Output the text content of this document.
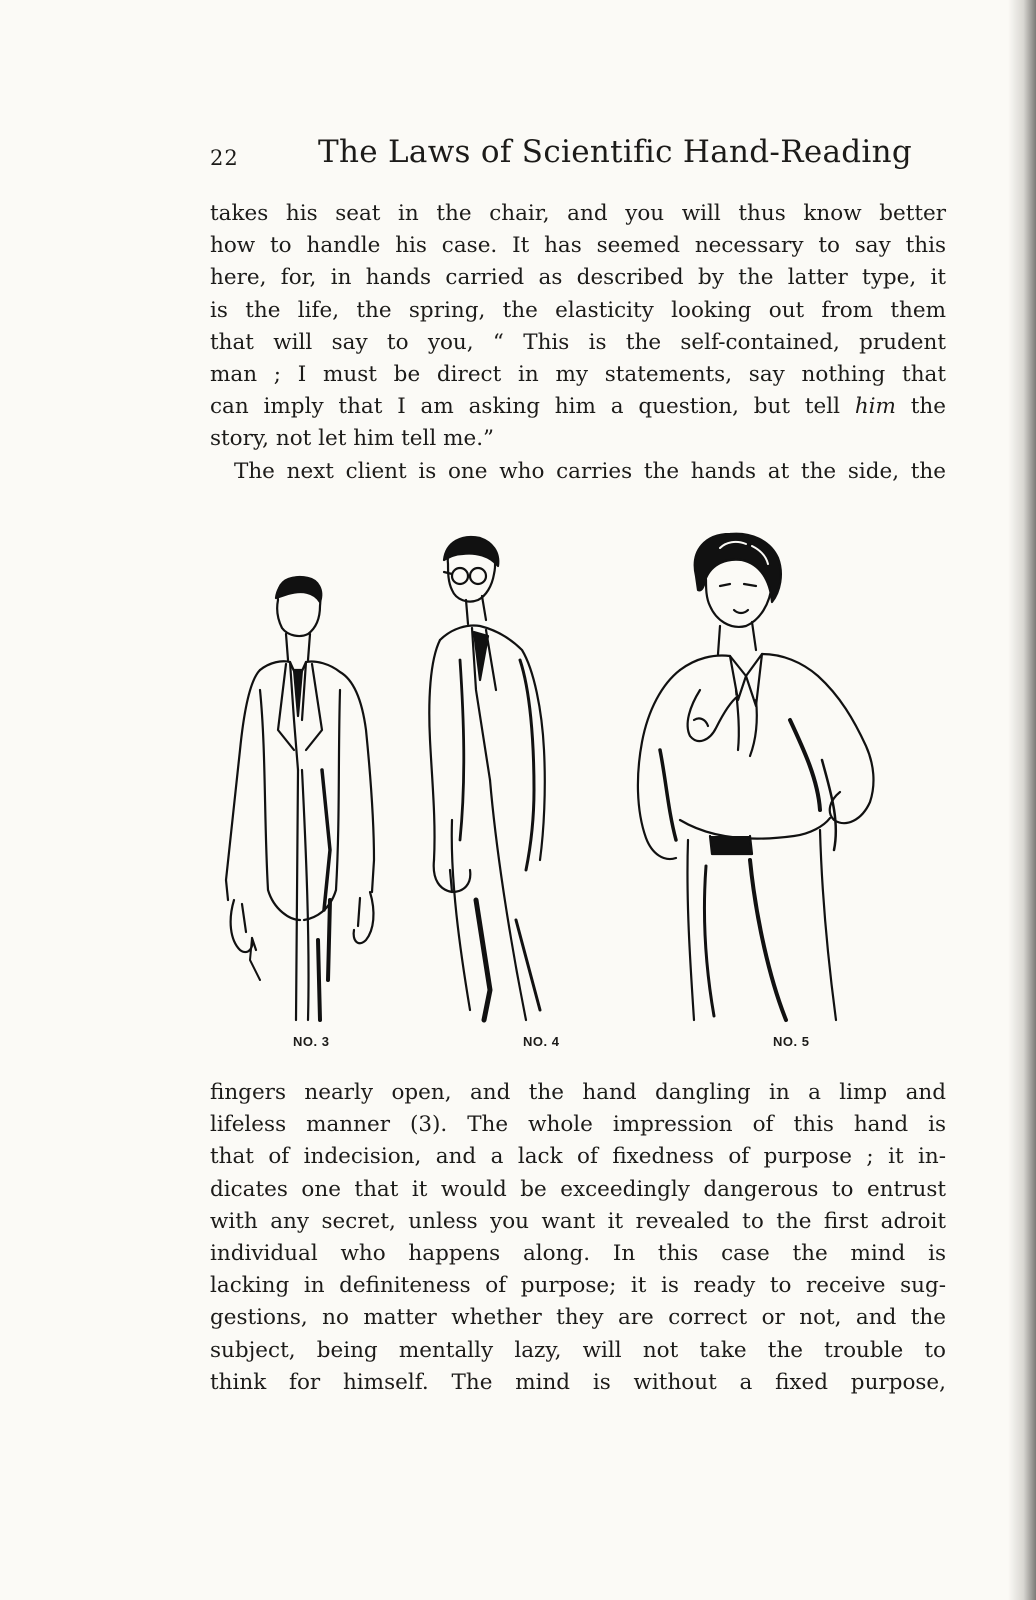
22	The Laws of Scientific Hand-Reading
takes his seat in the chair, and you will thus know better
how to handle his case. It has seemed necessary to say this
here, for, in hands carried as described by the latter type, it
is the life, the spring, the elasticity looking out from them
that will say to you, “ This is the self-contained, prudent
man ; I must be direct in my statements, say nothing that
can imply that I am asking him a question, but tell him the
story, not let him tell me.”
The next client is one who carries the hands at the side, the
NO. 3	NO. 4	NO. 5
fingers nearly open, and the hand dangling in a limp and
lifeless manner (3). The whole impression of this hand is
that of indecision, and a lack of fixedness of purpose ; it in-
dicates one that it would be exceedingly dangerous to entrust
with any secret, unless you want it revealed to the first adroit
individual who happens along. In this case the mind is
lacking in definiteness of purpose; it is ready to receive sug-
gestions, no matter whether they are correct or not, and the
subject, being mentally lazy, will not take the trouble to
think for himself. The mind is without a fixed purpose,
